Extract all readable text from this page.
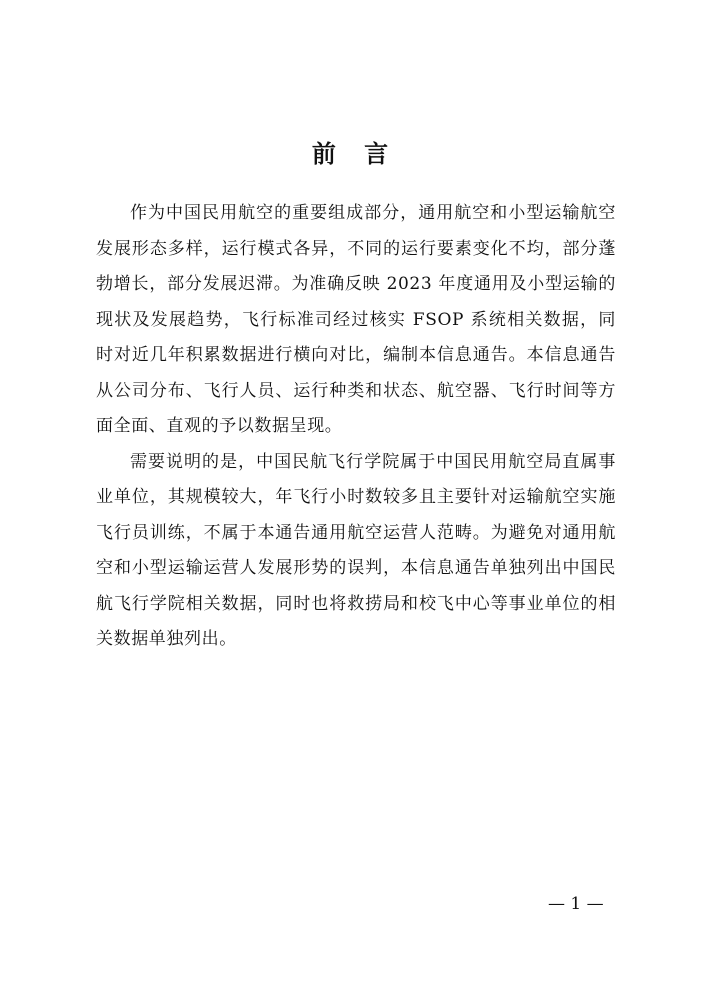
前 言

作为中国民用航空的重要组成部分，通用航空和小型运输航空发展形态多样，运行模式各异，不同的运行要素变化不均，部分蓬勃增长，部分发展迟滞。为准确反映 2023 年度通用及小型运输的现状及发展趋势，飞行标准司经过核实 FSOP 系统相关数据，同时对近几年积累数据进行横向对比，编制本信息通告。本信息通告从公司分布、飞行人员、运行种类和状态、航空器、飞行时间等方面全面、直观的予以数据呈现。

需要说明的是，中国民航飞行学院属于中国民用航空局直属事业单位，其规模较大，年飞行小时数较多且主要针对运输航空实施飞行员训练，不属于本通告通用航空运营人范畴。为避免对通用航空和小型运输运营人发展形势的误判，本信息通告单独列出中国民航飞行学院相关数据，同时也将救捞局和校飞中心等事业单位的相关数据单独列出。

— 1 —
